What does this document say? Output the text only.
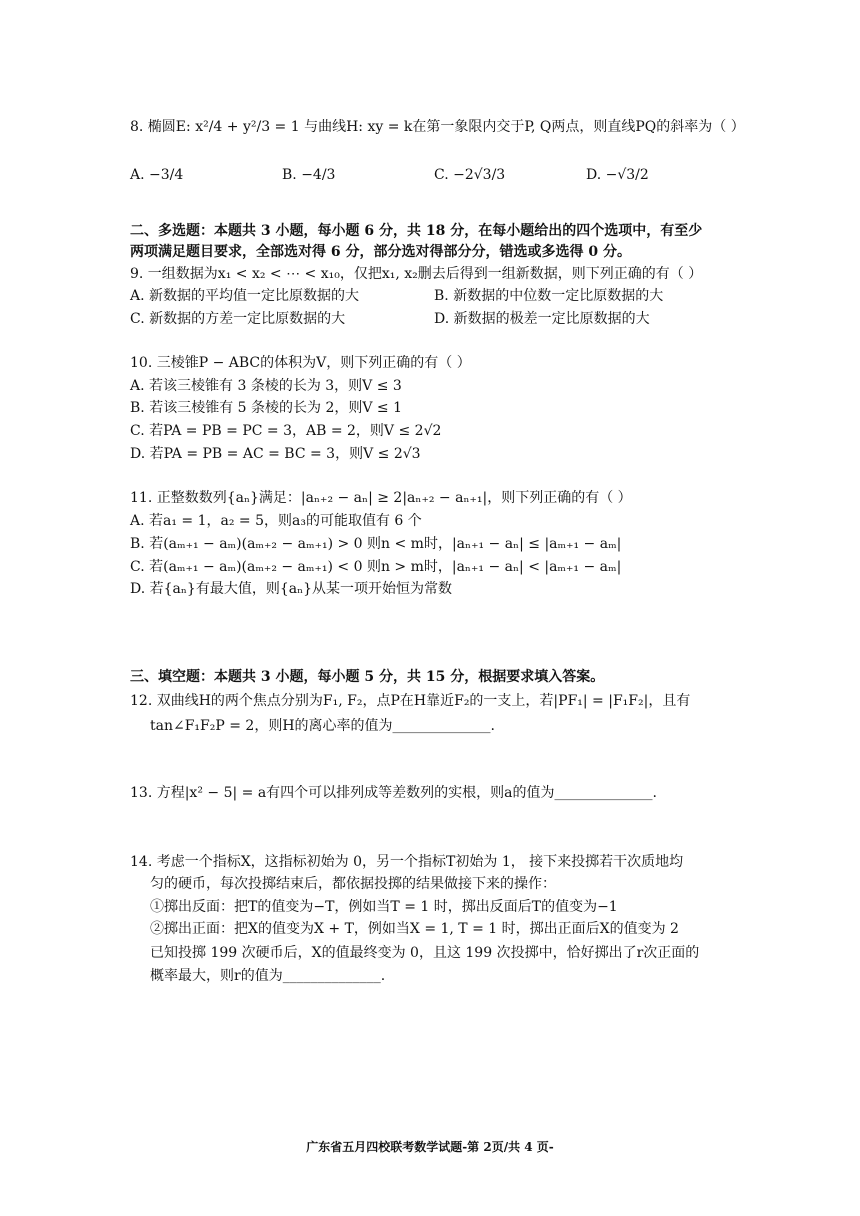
8. 椭圆E: x²/4 + y²/3 = 1 与曲线H: xy = k在第一象限内交于P, Q两点，则直线PQ的斜率为（ ）
A. −3/4	B. −4/3	C. −2√3/3	D. −√3/2
二、多选题：本题共 3 小题，每小题 6 分，共 18 分，在每小题给出的四个选项中，有至少
两项满足题目要求，全部选对得 6 分，部分选对得部分分，错选或多选得 0 分。
9. 一组数据为x₁ < x₂ < ⋯ < x₁₀，仅把x₁, x₂删去后得到一组新数据，则下列正确的有（ ）
A. 新数据的平均值一定比原数据的大	B. 新数据的中位数一定比原数据的大
C. 新数据的方差一定比原数据的大	D. 新数据的极差一定比原数据的大
10. 三棱锥P − ABC的体积为V，则下列正确的有（ ）
A. 若该三棱锥有 3 条棱的长为 3，则V ≤ 3
B. 若该三棱锥有 5 条棱的长为 2，则V ≤ 1
C. 若PA = PB = PC = 3，AB = 2，则V ≤ 2√2
D. 若PA = PB = AC = BC = 3，则V ≤ 2√3
11. 正整数数列{aₙ}满足：|aₙ₊₂ − aₙ| ≥ 2|aₙ₊₂ − aₙ₊₁|，则下列正确的有（ ）
A. 若a₁ = 1，a₂ = 5，则a₃的可能取值有 6 个
B. 若(aₘ₊₁ − aₘ)(aₘ₊₂ − aₘ₊₁) > 0 则n < m时，|aₙ₊₁ − aₙ| ≤ |aₘ₊₁ − aₘ|
C. 若(aₘ₊₁ − aₘ)(aₘ₊₂ − aₘ₊₁) < 0 则n > m时，|aₙ₊₁ − aₙ| < |aₘ₊₁ − aₘ|
D. 若{aₙ}有最大值，则{aₙ}从某一项开始恒为常数
三、填空题：本题共 3 小题，每小题 5 分，共 15 分，根据要求填入答案。
12. 双曲线H的两个焦点分别为F₁, F₂，点P在H靠近F₂的一支上，若|PF₁| = |F₁F₂|，且有
tan∠F₁F₂P = 2，则H的离心率的值为______________.
13. 方程|x² − 5| = a有四个可以排列成等差数列的实根，则a的值为______________.
14. 考虑一个指标X，这指标初始为 0，另一个指标T初始为 1， 接下来投掷若干次质地均
匀的硬币，每次投掷结束后，都依据投掷的结果做接下来的操作：
①掷出反面：把T的值变为−T，例如当T = 1 时，掷出反面后T的值变为−1
②掷出正面：把X的值变为X + T，例如当X = 1, T = 1 时，掷出正面后X的值变为 2
已知投掷 199 次硬币后，X的值最终变为 0，且这 199 次投掷中，恰好掷出了r次正面的
概率最大，则r的值为______________.
广东省五月四校联考数学试题-第 2页/共 4 页-
